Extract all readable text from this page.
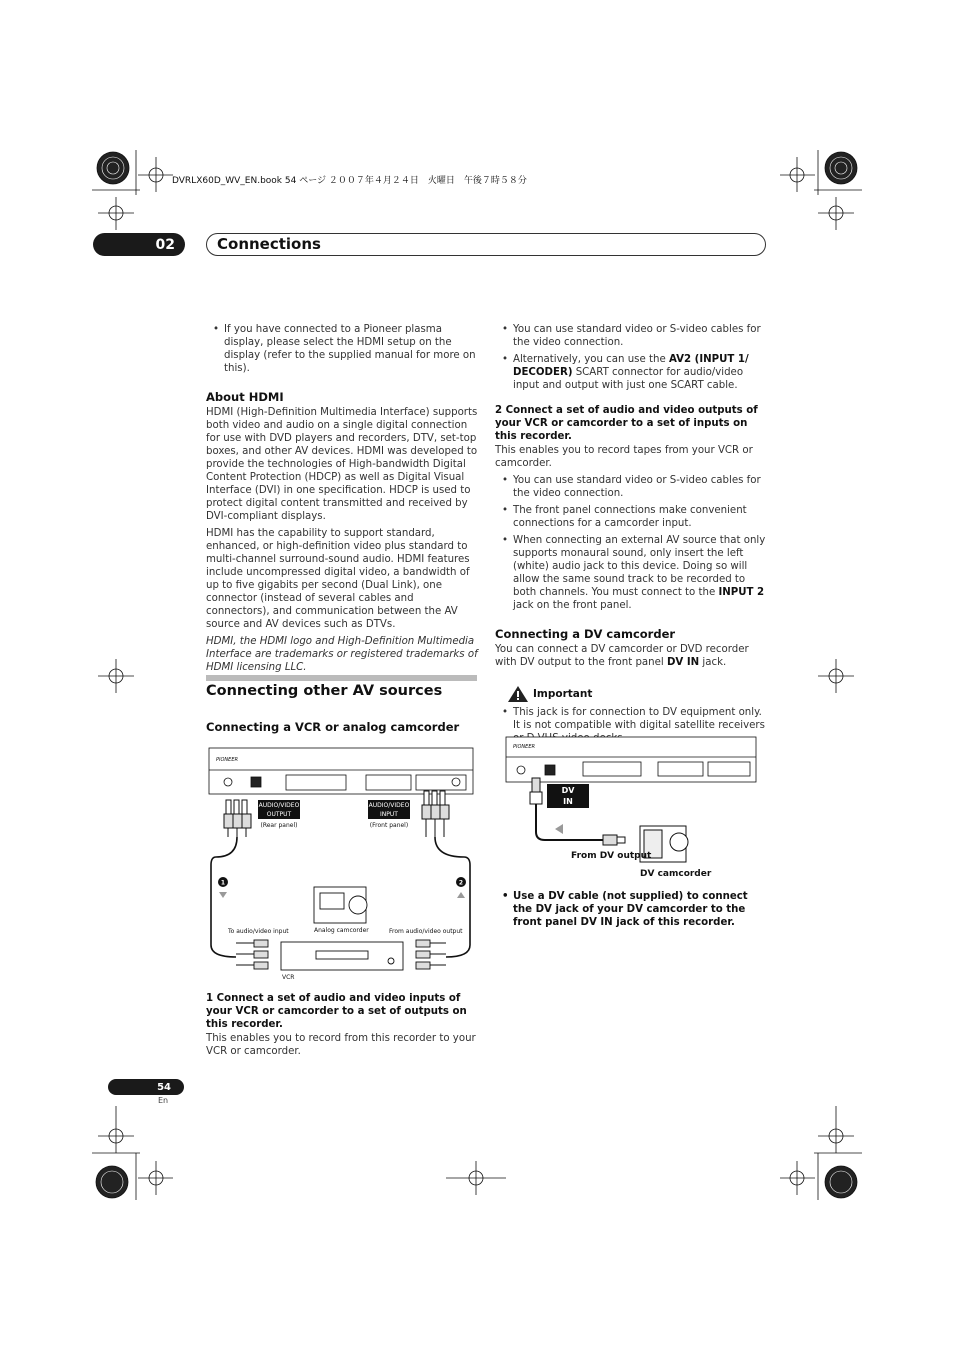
DVRLX60D_WV_EN.book 54 ページ ２００７年４月２４日　火曜日　午後７時５８分
02	Connections
• If you have connected to a Pioneer plasma display, please select the HDMI setup on the display (refer to the supplied manual for more on this).
About HDMI

HDMI (High-Definition Multimedia Interface) supports both video and audio on a single digital connection for use with DVD players and recorders, DTV, set-top boxes, and other AV devices. HDMI was developed to provide the technologies of High-bandwidth Digital Content Protection (HDCP) as well as Digital Visual Interface (DVI) in one specification. HDCP is used to protect digital content transmitted and received by DVI-compliant displays.

HDMI has the capability to support standard, enhanced, or high-definition video plus standard to multi-channel surround-sound audio. HDMI features include uncompressed digital video, a bandwidth of up to five gigabits per second (Dual Link), one connector (instead of several cables and connectors), and communication between the AV source and AV devices such as DTVs.

HDMI, the HDMI logo and High-Definition Multimedia Interface are trademarks or registered trademarks of HDMI licensing LLC.

Connecting other AV sources
Connecting a VCR or analog camcorder
PIONEER
AUDIO/VIDEO
OUTPUT
(Rear panel)
AUDIO/VIDEO
INPUT
(Front panel)
1	2
Analog camcorder
To audio/video input	From audio/video output
VCR

1 Connect a set of audio and video inputs of your VCR or camcorder to a set of outputs on this recorder.

This enables you to record from this recorder to your VCR or camcorder.

• You can use standard video or S-video cables for the video connection.
• Alternatively, you can use the AV2 (INPUT 1/ DECODER) SCART connector for audio/video input and output with just one SCART cable.

2 Connect a set of audio and video outputs of your VCR or camcorder to a set of inputs on this recorder.

This enables you to record tapes from your VCR or camcorder.

• You can use standard video or S-video cables for the video connection.
• The front panel connections make convenient connections for a camcorder input.
• When connecting an external AV source that only supports monaural sound, only insert the left (white) audio jack to this device. Doing so will allow the same sound track to be recorded to both channels. You must connect to the INPUT 2 jack on the front panel.
Connecting a DV camcorder

You can connect a DV camcorder or DVD recorder with DV output to the front panel DV IN jack.

Important
• This jack is for connection to DV equipment only. It is not compatible with digital satellite receivers
PIONEER
DV
IN
From DV output
DV camcorder
• Use a DV cable (not supplied) to connect the DV jack of your DV camcorder to the front panel DV IN jack of this recorder.
54
En
